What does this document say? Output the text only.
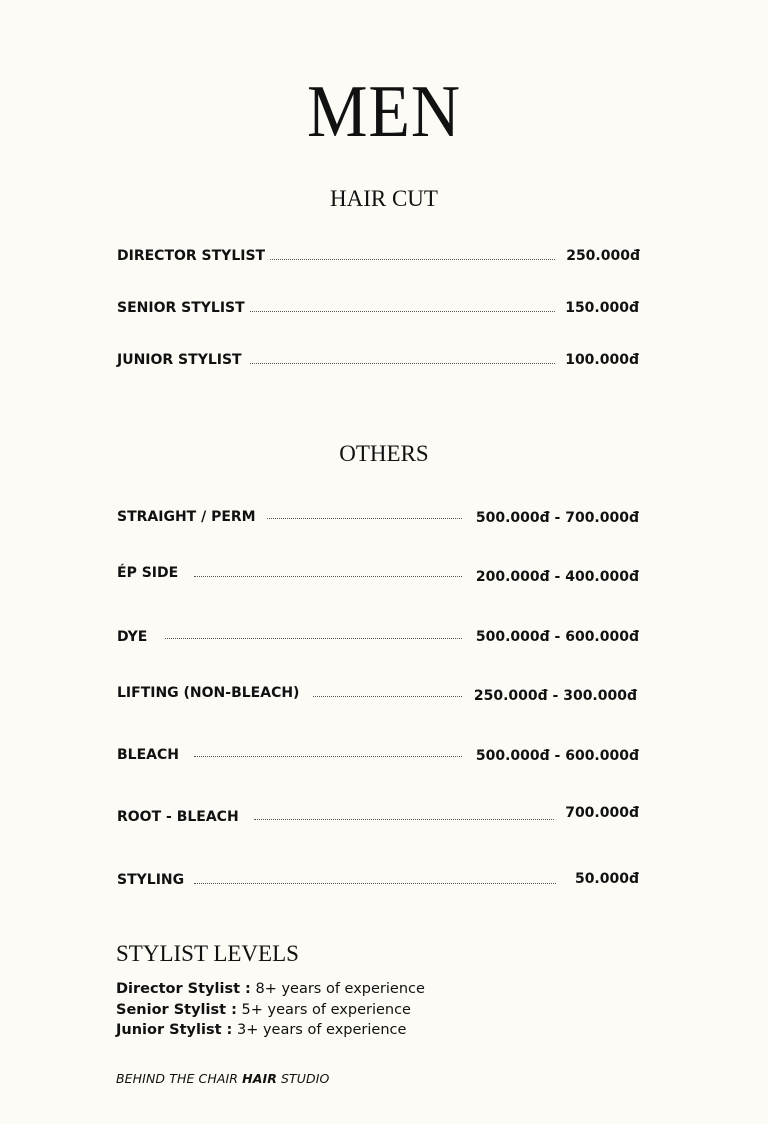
MEN
HAIR CUT
DIRECTOR STYLIST	250.000đ
SENIOR STYLIST	150.000đ
JUNIOR STYLIST	100.000đ
OTHERS
STRAIGHT / PERM	500.000đ - 700.000đ
ÉP SIDE	200.000đ - 400.000đ
DYE	500.000đ - 600.000đ
LIFTING (NON-BLEACH)	250.000đ - 300.000đ
BLEACH	500.000đ - 600.000đ
ROOT - BLEACH	700.000đ
STYLING	50.000đ
STYLIST LEVELS
Director Stylist : 8+ years of experience
Senior Stylist : 5+ years of experience
Junior Stylist : 3+ years of experience
BEHIND THE CHAIR HAIR STUDIO
